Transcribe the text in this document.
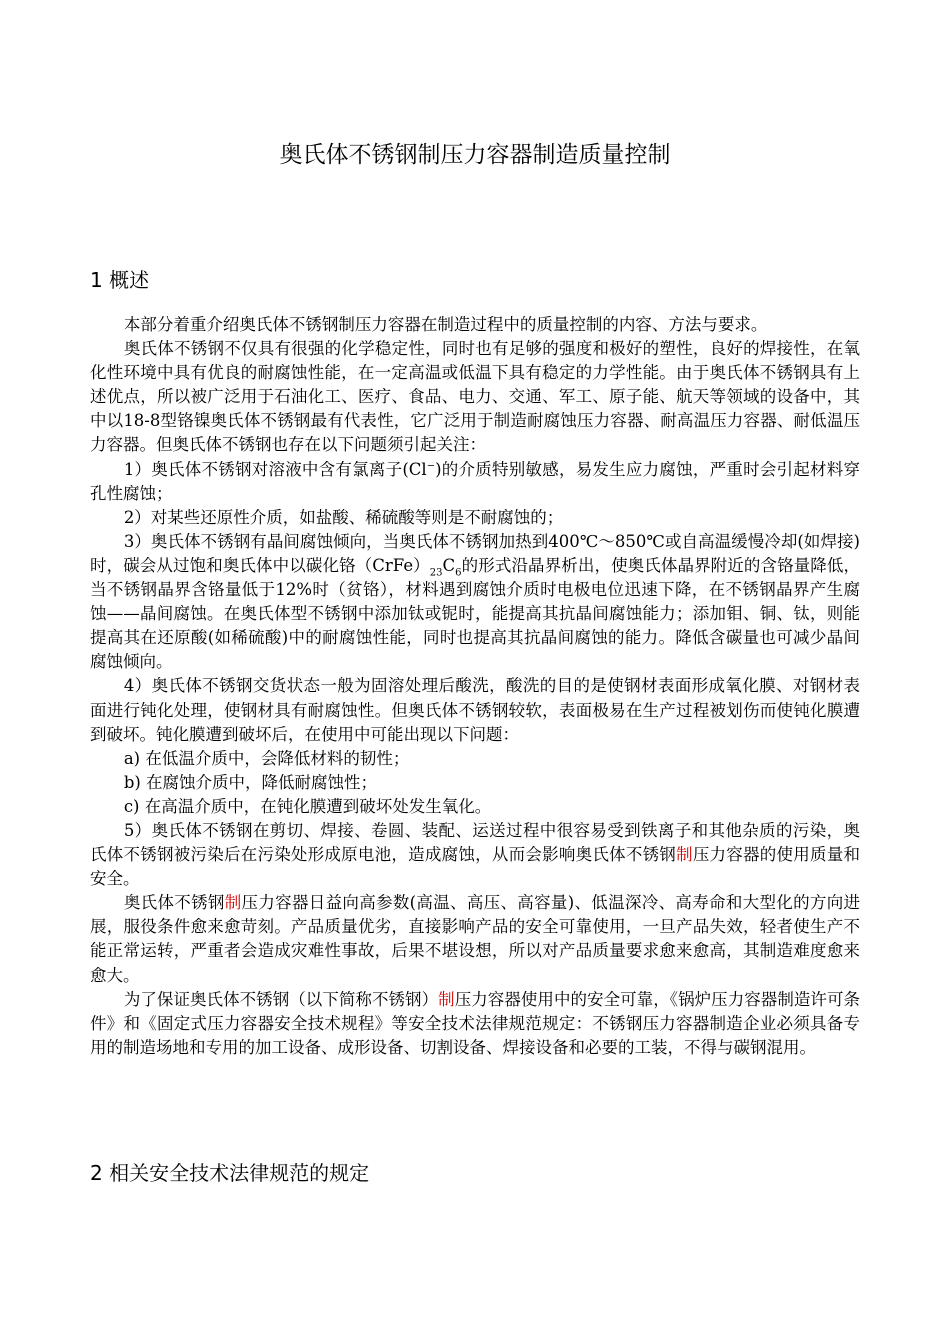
奥氏体不锈钢制压力容器制造质量控制
1 概述

本部分着重介绍奥氏体不锈钢制压力容器在制造过程中的质量控制的内容、方法与要求。

奥氏体不锈钢不仅具有很强的化学稳定性，同时也有足够的强度和极好的塑性，良好的焊接性，在氧化性环境中具有优良的耐腐蚀性能，在一定高温或低温下具有稳定的力学性能。由于奥氏体不锈钢具有上述优点，所以被广泛用于石油化工、医疗、食品、电力、交通、军工、原子能、航天等领域的设备中，其中以18-8型铬镍奥氏体不锈钢最有代表性，它广泛用于制造耐腐蚀压力容器、耐高温压力容器、耐低温压力容器。但奥氏体不锈钢也存在以下问题须引起关注：

1）奥氏体不锈钢对溶液中含有氯离子(Cl−)的介质特别敏感，易发生应力腐蚀，严重时会引起材料穿孔性腐蚀；

2）对某些还原性介质，如盐酸、稀硫酸等则是不耐腐蚀的；

3）奥氏体不锈钢有晶间腐蚀倾向，当奥氏体不锈钢加热到400℃～850℃或自高温缓慢冷却(如焊接)时，碳会从过饱和奥氏体中以碳化铬$(CrFe)_{23}C_6$的形式沿晶界析出，使奥氏体晶界附近的含铬量降低，当不锈钢晶界含铬量低于12%时（贫铬），材料遇到腐蚀介质时电极电位迅速下降，在不锈钢晶界产生腐蚀——晶间腐蚀。在奥氏体型不锈钢中添加钛或铌时，能提高其抗晶间腐蚀能力；添加钼、铜、钛，则能提高其在还原酸(如稀硫酸)中的耐腐蚀性能，同时也提高其抗晶间腐蚀的能力。降低含碳量也可减少晶间腐蚀倾向。

4）奥氏体不锈钢交货状态一般为固溶处理后酸洗，酸洗的目的是使钢材表面形成氧化膜、对钢材表面进行钝化处理，使钢材具有耐腐蚀性。但奥氏体不锈钢较软，表面极易在生产过程被划伤而使钝化膜遭到破坏。钝化膜遭到破坏后，在使用中可能出现以下问题：

a) 在低温介质中，会降低材料的韧性；

b) 在腐蚀介质中，降低耐腐蚀性；

c) 在高温介质中，在钝化膜遭到破坏处发生氧化。

5）奥氏体不锈钢在剪切、焊接、卷圆、装配、运送过程中很容易受到铁离子和其他杂质的污染，奥氏体不锈钢被污染后在污染处形成原电池，造成腐蚀，从而会影响奥氏体不锈钢制压力容器的使用质量和安全。

奥氏体不锈钢制压力容器日益向高参数(高温、高压、高容量)、低温深冷、高寿命和大型化的方向进展，服役条件愈来愈苛刻。产品质量优劣，直接影响产品的安全可靠使用，一旦产品失效，轻者使生产不能正常运转，严重者会造成灾难性事故，后果不堪设想，所以对产品质量要求愈来愈高，其制造难度愈来愈大。

为了保证奥氏体不锈钢（以下简称不锈钢）制压力容器使用中的安全可靠，《锅炉压力容器制造许可条件》和《固定式压力容器安全技术规程》等安全技术法律规范规定：不锈钢压力容器制造企业必须具备专用的制造场地和专用的加工设备、成形设备、切割设备、焊接设备和必要的工装，不得与碳钢混用。

2 相关安全技术法律规范的规定
